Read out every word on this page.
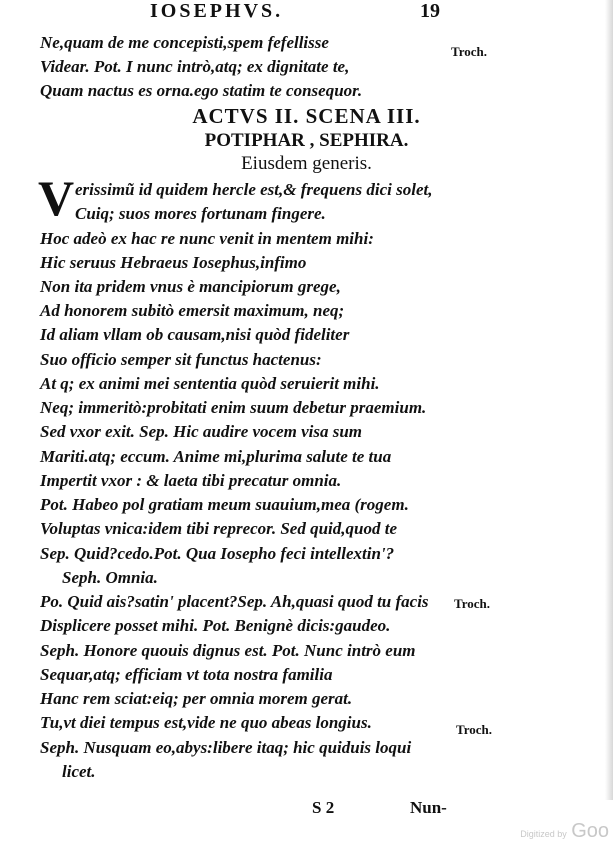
IOSEPHVS.	19
Ne,quam de me concepisti,spem fefellisse
Videar. Pot. I nunc intrò,atq; ex dignitate te,
Quam nactus es orna.ego statim te consequor.
ACTVS II. SCENA III.
POTIPHAR , SEPHIRA.
Eiusdem generis.
V erissimũ id quidem hercle est,& frequens dici solet,
Cuiq; suos mores fortunam fingere.
Hoc adeò ex hac re nunc venit in mentem mihi:
Hic seruus Hebraeus Iosephus,infimo
Non ita pridem vnus è mancipiorum grege,
Ad honorem subitò emersit maximum, neq;
Id aliam vllam ob causam,nisi quòd fideliter
Suo officio semper sit functus hactenus:
At q; ex animi mei sententia quòd seruierit mihi.
Neq; immeritò:probitati enim suum debetur praemium.
Sed vxor exit. Sep. Hic audire vocem visa sum
Mariti.atq; eccum. Anime mi,plurima salute te tua
Impertit vxor : & laeta tibi precatur omnia.
Pot. Habeo pol gratiam meum suauium,mea (rogem.
Voluptas vnica:idem tibi reprecor. Sed quid,quod te
Sep. Quid?cedo.Pot. Qua Iosepho feci intellextin'?
Seph. Omnia.
Po. Quid ais?satin' placent?Sep. Ah,quasi quod tu facis
Displicere posset mihi. Pot. Benignè dicis:gaudeo.
Seph. Honore quouis dignus est. Pot. Nunc intrò eum
Sequar,atq; efficiam vt tota nostra familia
Hanc rem sciat:eiq; per omnia morem gerat.
Tu,vt diei tempus est,vide ne quo abeas longius.
Seph. Nusquam eo,abys:libere itaq; hic quiduis loqui
licet.
Troch.
Troch.
Troch.
S 2	Nun-
Digitized by Goo
